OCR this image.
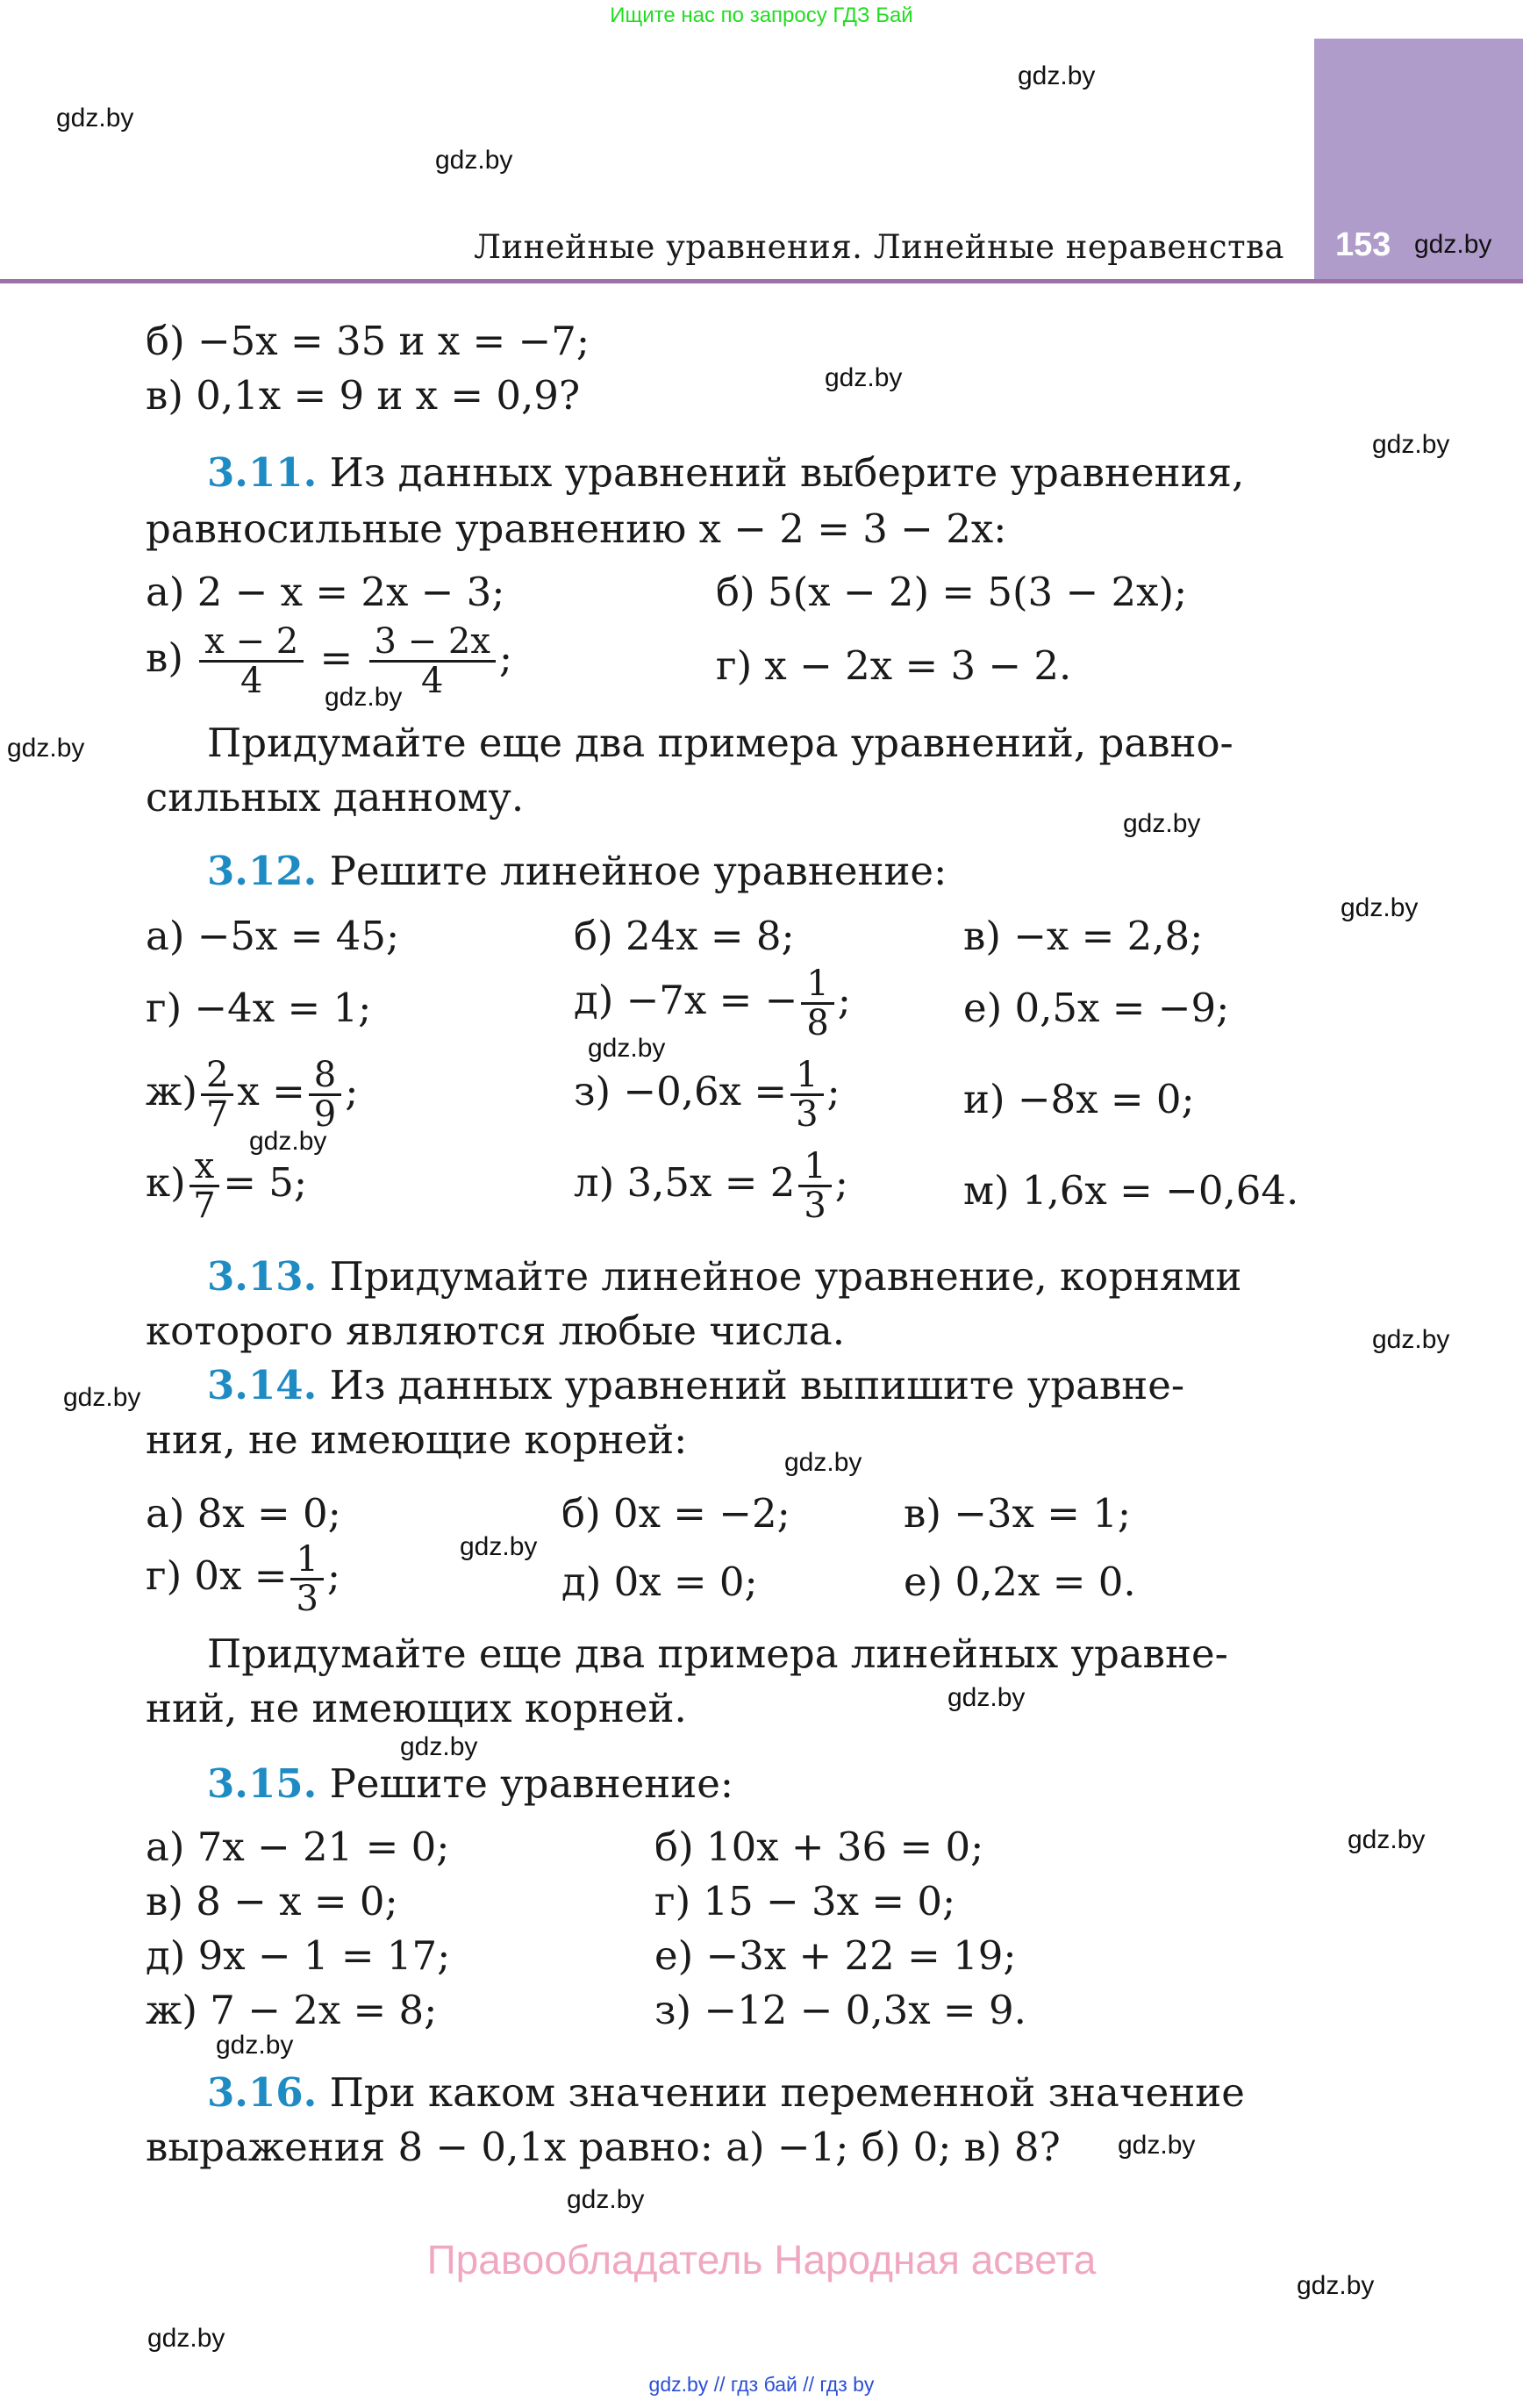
Ищите нас по запросу ГДЗ Бай
153
Линейные уравнения. Линейные неравенства
gdz.by
gdz.by
gdz.by
gdz.by
gdz.by
gdz.by
gdz.by
gdz.by
gdz.by
gdz.by
gdz.by
gdz.by
gdz.by
gdz.by
gdz.by
gdz.by
gdz.by
gdz.by
gdz.by
gdz.by
gdz.by
gdz.by
gdz.by
gdz.by
б) −5x = 35 и x = −7;
в) 0,1x = 9 и x = 0,9?
3.11. Из данных уравнений выберите уравнения,
равносильные уравнению x − 2 = 3 − 2x:
а) 2 − x = 2x − 3;	б) 5(x − 2) = 5(3 − 2x);
$в) \frac{x - 2}{4} = \frac{3 - 2x}{4}$ ;	г) x − 2x = 3 − 2.
Придумайте еще два примера уравнений, равно-
сильных данному.
3.12. Решите линейное уравнение:
а) −5x = 45;	б) 24x = 8;	в) −x = 2,8;
г) −4x = 1;	д) −7x = − $\frac{1}{8}$ ;	е) 0,5x = −9;
$ж) \frac{2}{7}$ $x = \frac{8}{9}$ ;	$з) -0,6x = \frac{1}{3}$ ;	и) −8x = 0;
$к) \frac{x}{7} = 5$;	л) $3,5x = 2 \frac{1}{3}$ ;	м) 1,6x = −0,64.
3.13. Придумайте линейное уравнение, корнями
которого являются любые числа.
3.14. Из данных уравнений выпишите уравне-
ния, не имеющие корней:
а) 8x = 0;	б) 0x = −2;	в) −3x = 1;
г) $0x = \frac{1}{3}$ ;	д) 0x = 0;	е) 0,2x = 0.
Придумайте еще два примера линейных уравне-
ний, не имеющих корней.
3.15. Решите уравнение:
а) 7x − 21 = 0;	б) 10x + 36 = 0;
в) 8 − x = 0;	г) 15 − 3x = 0;
д) 9x − 1 = 17;	е) −3x + 22 = 19;
ж) 7 − 2x = 8;	з) −12 − 0,3x = 9.
3.16. При каком значении переменной значение
выражения 8 − 0,1x равно: а) −1; б) 0; в) 8?
Правообладатель Народная асвета
gdz.by // гдз бай // гдз by
